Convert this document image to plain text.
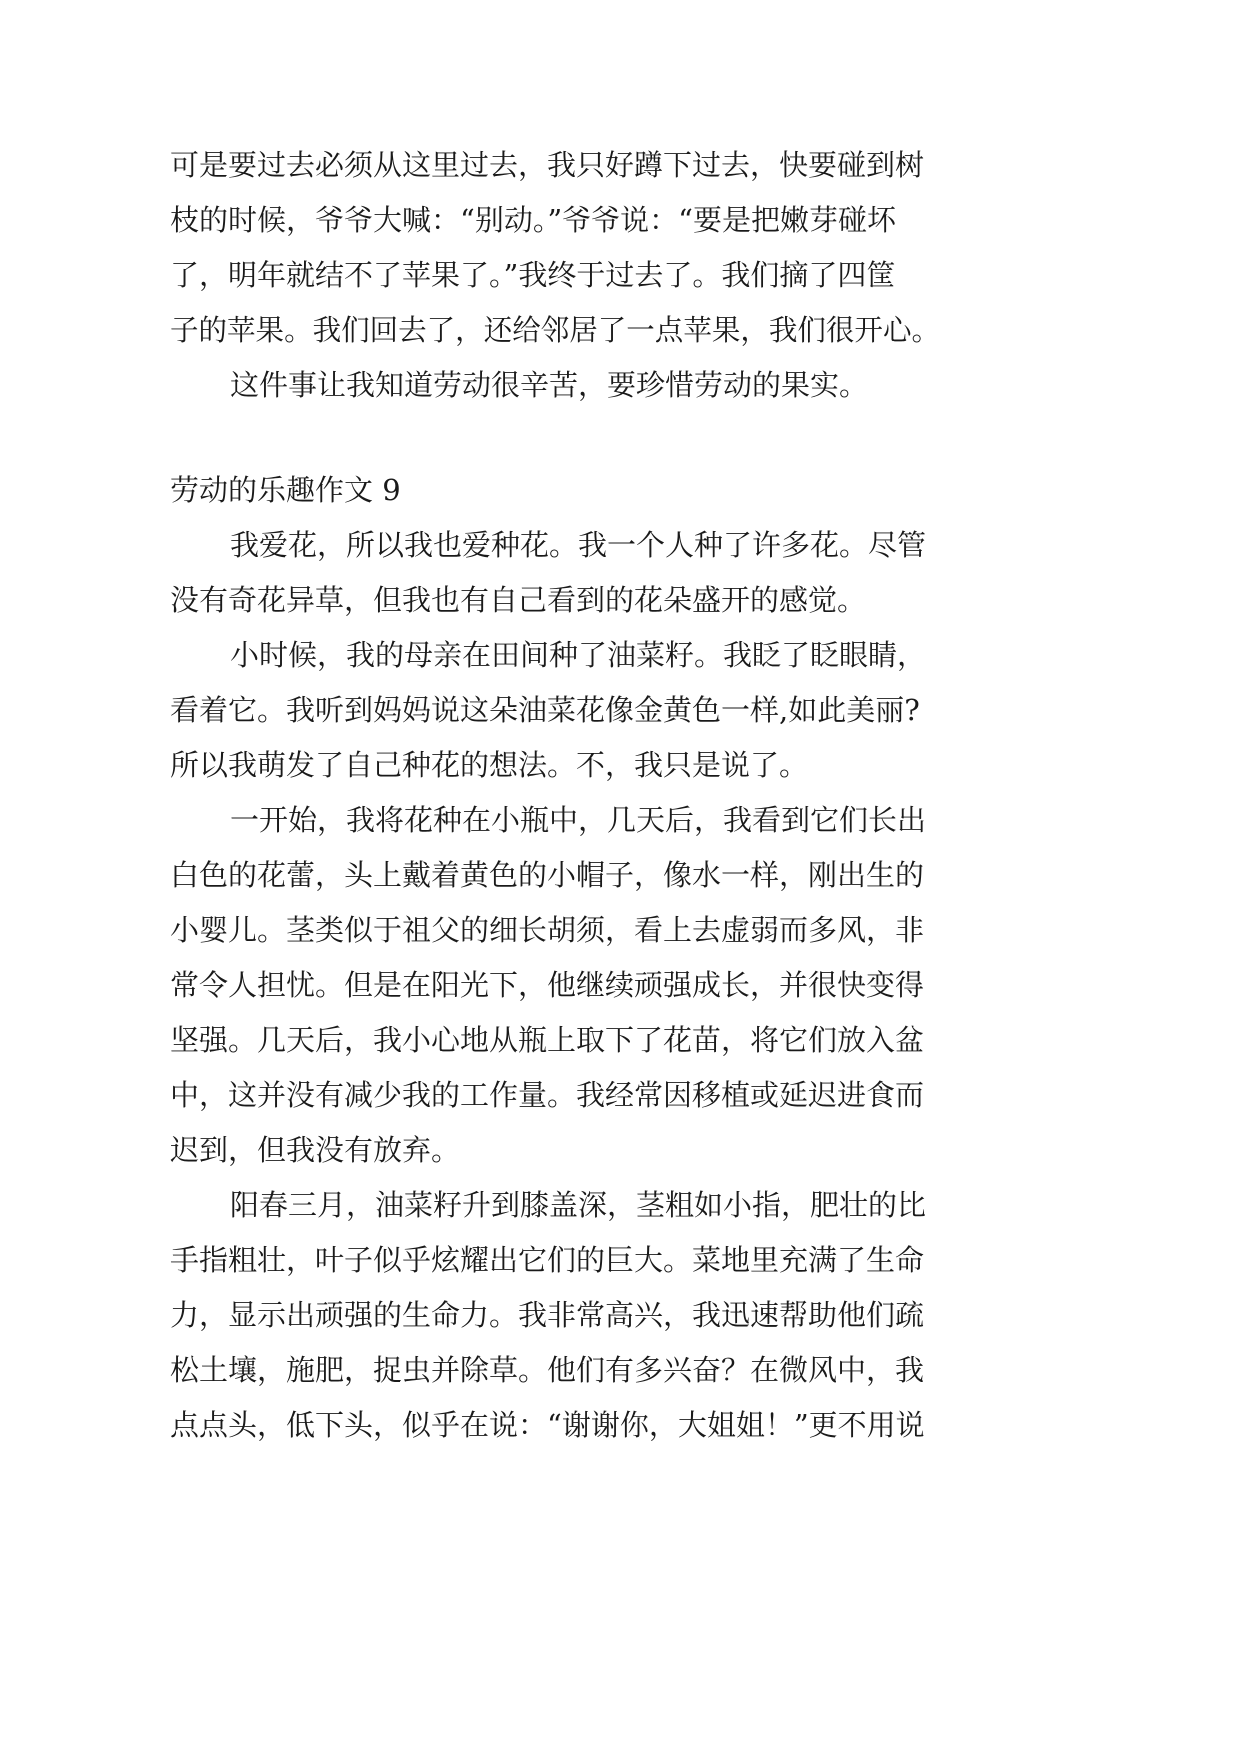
可是要过去必须从这里过去，我只好蹲下过去，快要碰到树
枝的时候，爷爷大喊：“别动。”爷爷说：“要是把嫩芽碰坏
了，明年就结不了苹果了。”我终于过去了。我们摘了四筐
子的苹果。我们回去了，还给邻居了一点苹果，我们很开心。
这件事让我知道劳动很辛苦，要珍惜劳动的果实。
劳动的乐趣作文 9
我爱花，所以我也爱种花。我一个人种了许多花。尽管
没有奇花异草，但我也有自己看到的花朵盛开的感觉。
小时候，我的母亲在田间种了油菜籽。我眨了眨眼睛，
看着它。我听到妈妈说这朵油菜花像金黄色一样,如此美丽?
所以我萌发了自己种花的想法。不，我只是说了。
一开始，我将花种在小瓶中，几天后，我看到它们长出
白色的花蕾，头上戴着黄色的小帽子，像水一样，刚出生的
小婴儿。茎类似于祖父的细长胡须，看上去虚弱而多风，非
常令人担忧。但是在阳光下，他继续顽强成长，并很快变得
坚强。几天后，我小心地从瓶上取下了花苗，将它们放入盆
中，这并没有减少我的工作量。我经常因移植或延迟进食而
迟到，但我没有放弃。
阳春三月，油菜籽升到膝盖深，茎粗如小指，肥壮的比
手指粗壮，叶子似乎炫耀出它们的巨大。菜地里充满了生命
力，显示出顽强的生命力。我非常高兴，我迅速帮助他们疏
松土壤，施肥，捉虫并除草。他们有多兴奋？在微风中，我
点点头，低下头，似乎在说：“谢谢你，大姐姐！”更不用说
